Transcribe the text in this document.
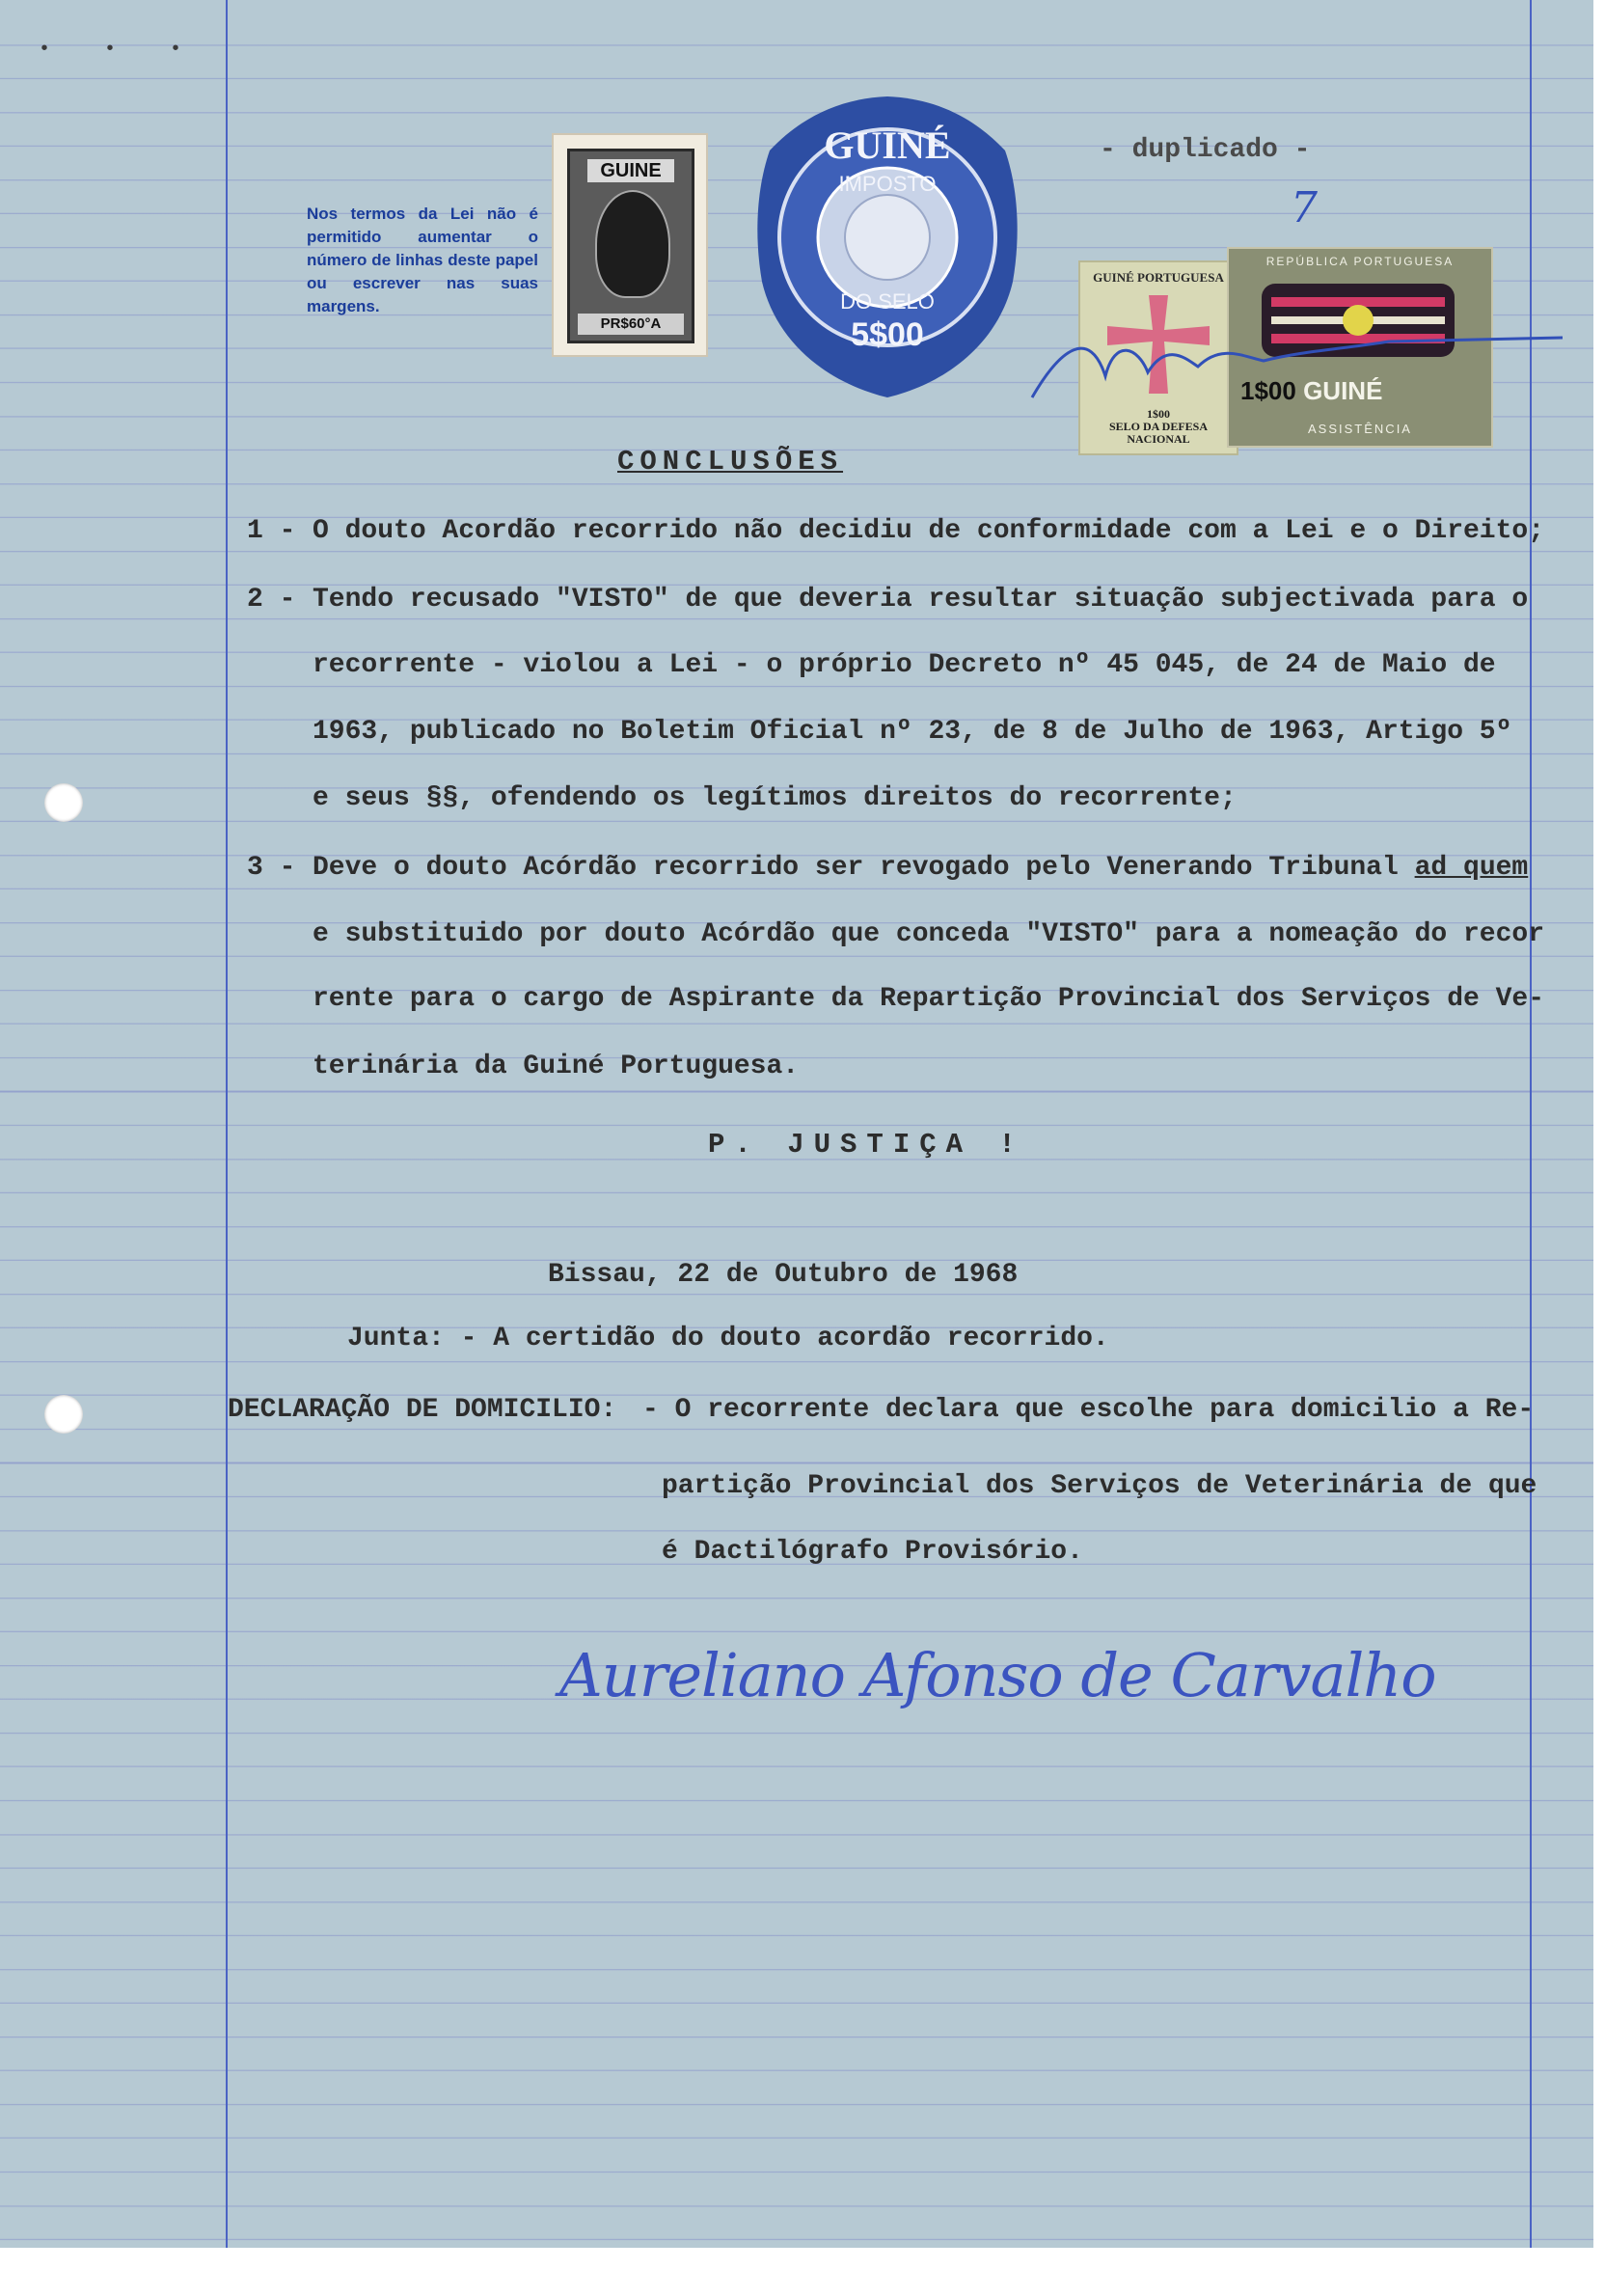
• • •
Nos termos da Lei não é permitido aumentar o número de linhas deste papel ou escrever nas suas margens.
GUINE
PR$60°A
GUINÉ
IMPOSTO
DO SELO
5$00
- duplicado -
7
GUINÉ PORTUGUESA
1$00
SELO DA DEFESA
NACIONAL
REPÚBLICA PORTUGUESA
1$00 GUINÉ
ASSISTÊNCIA
CONCLUSÕES
1 - O douto Acordão recorrido não decidiu de conformidade com a Lei e o Direito;
2 - Tendo recusado "VISTO" de que deveria resultar situação subjectivada para o
recorrente - violou a Lei - o próprio Decreto nº 45 045, de 24 de Maio de
1963, publicado no Boletim Oficial nº 23, de 8 de Julho de 1963, Artigo 5º
e seus §§, ofendendo os legítimos direitos do recorrente;
3 - Deve o douto Acórdão recorrido ser revogado pelo Venerando Tribunal ad quem
e substituido por douto Acórdão que conceda "VISTO" para a nomeação do recor
rente para o cargo de Aspirante da Repartição Provincial dos Serviços de Ve-
terinária da Guiné Portuguesa.
P. JUSTIÇA !
Bissau, 22 de Outubro de 1968
Junta: - A certidão do douto acordão recorrido.
DECLARAÇÃO DE DOMICILIO: - O recorrente declara que escolhe para domicilio a Re-
partição Provincial dos Serviços de Veterinária de que
é Dactilógrafo Provisório.
Aureliano Afonso de Carvalho
